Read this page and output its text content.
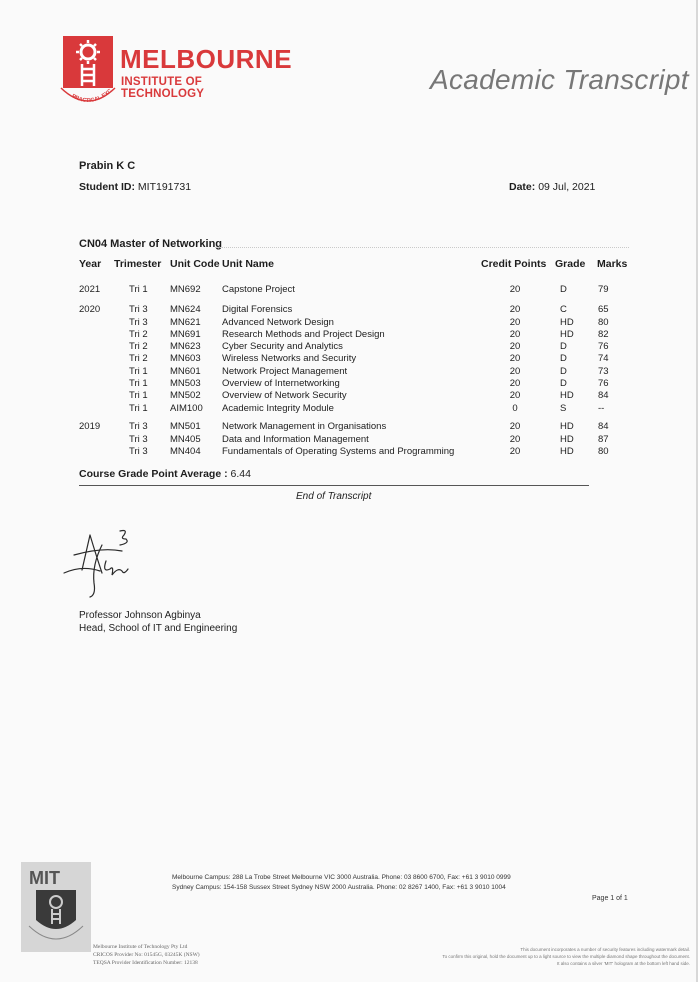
PRACTICAL EXC
MELBOURNE
INSTITUTE OF TECHNOLOGY	Academic Transcript
Prabin K C
Student ID: MIT191731	Date: 09 Jul, 2021
CN04 Master of Networking
Year Trimester Unit Code Unit Name	Credit Points Grade Marks
2021	Tri 1 MN692 Capstone Project	20	D	79
2020	Tri 3 MN624 Digital Forensics	20	C	65
Tri 3 MN621 Advanced Network Design	20	HD	80
Tri 2 MN691 Research Methods and Project Design	20	HD	82
Tri 2 MN623 Cyber Security and Analytics	20	D	76
Tri 2 MN603 Wireless Networks and Security	20	D	74
Tri 1 MN601 Network Project Management	20	D	73
Tri 1 MN503 Overview of Internetworking	20	D	76
Tri 1 MN502 Overview of Network Security	20	HD	84
Tri 1 AIM100 Academic Integrity Module	0	S	--
2019	Tri 3 MN501 Network Management in Organisations	20	HD	84
Tri 3 MN405 Data and Information Management	20	HD	87
Tri 3 MN404 Fundamentals of Operating Systems and Programming	20	HD	80
Course Grade Point Average : 6.44
End of Transcript
Professor Johnson Agbinya
Head, School of IT and Engineering
MIT
Melbourne Institute of Technology Pty Ltd
CRICOS Provider No: 01545G, 03245K (NSW)
TEQSA Provider Identification Number: 12138
Melbourne Campus: 288 La Trobe Street Melbourne VIC 3000 Australia. Phone: 03 8600 6700, Fax: +61 3 9010 0999
Sydney Campus: 154-158 Sussex Street Sydney NSW 2000 Australia. Phone: 02 8267 1400, Fax: +61 3 9010 1004
Page 1 of 1
This document incorporates a number of security features including watermark detail.
To confirm this original, hold the document up to a light source to view the multiple diamond shape throughout the document.
It also contains a silver 'MIT' hologram at the bottom left hand side.
